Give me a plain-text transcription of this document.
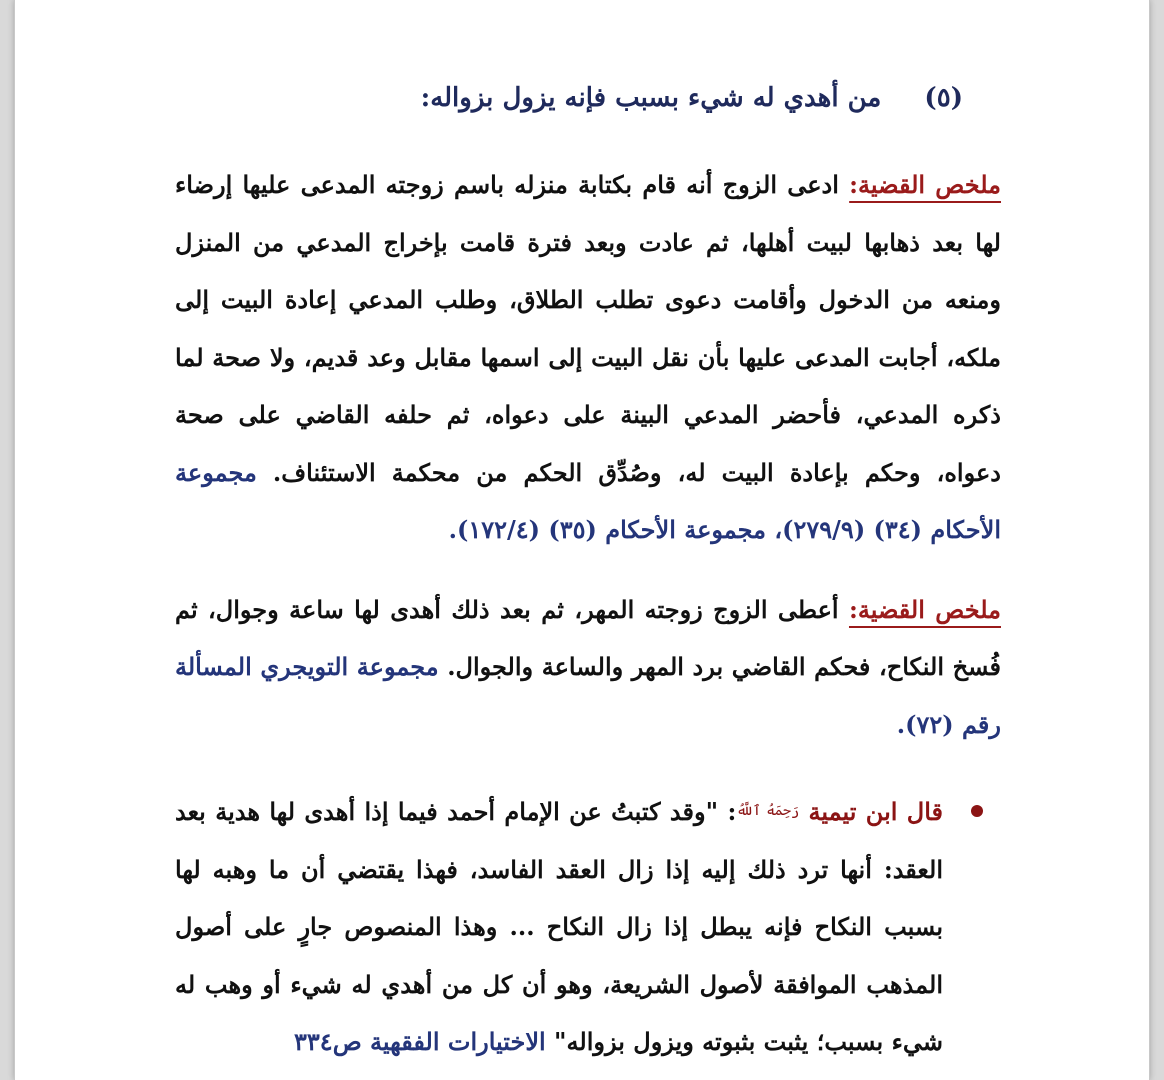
(٥) من أهدي له شيء بسبب فإنه يزول بزواله:

ملخص القضية: ادعى الزوج أنه قام بكتابة منزله باسم زوجته المدعى عليها إرضاء لها بعد ذهابها لبيت أهلها، ثم عادت وبعد فترة قامت بإخراج المدعي من المنزل ومنعه من الدخول وأقامت دعوى تطلب الطلاق، وطلب المدعي إعادة البيت إلى ملكه، أجابت المدعى عليها بأن نقل البيت إلى اسمها مقابل وعد قديم، ولا صحة لما ذكره المدعي، فأحضر المدعي البينة على دعواه، ثم حلفه القاضي على صحة دعواه، وحكم بإعادة البيت له، وصُدِّق الحكم من محكمة الاستئناف. مجموعة الأحكام (٣٤) (٢٧٩/٩)، مجموعة الأحكام (٣٥) (١٧٢/٤).

ملخص القضية: أعطى الزوج زوجته المهر، ثم بعد ذلك أهدى لها ساعة وجوال، ثم فُسخ النكاح، فحكم القاضي برد المهر والساعة والجوال. مجموعة التويجري المسألة رقم (٧٢).

قال ابن تيمية $^{رَحِمَهُ ٱللَّهُ}$: "وقد كتبتُ عن الإمام أحمد فيما إذا أهدى لها هدية بعد العقد: أنها ترد ذلك إليه إذا زال العقد الفاسد، فهذا يقتضي أن ما وهبه لها بسبب النكاح فإنه يبطل إذا زال النكاح ... وهذا المنصوص جارٍ على أصول المذهب الموافقة لأصول الشريعة، وهو أن كل من أهدي له شيء أو وهب له شيء بسبب؛ يثبت بثبوته ويزول بزواله" الاختيارات الفقهية ص٣٣٤
